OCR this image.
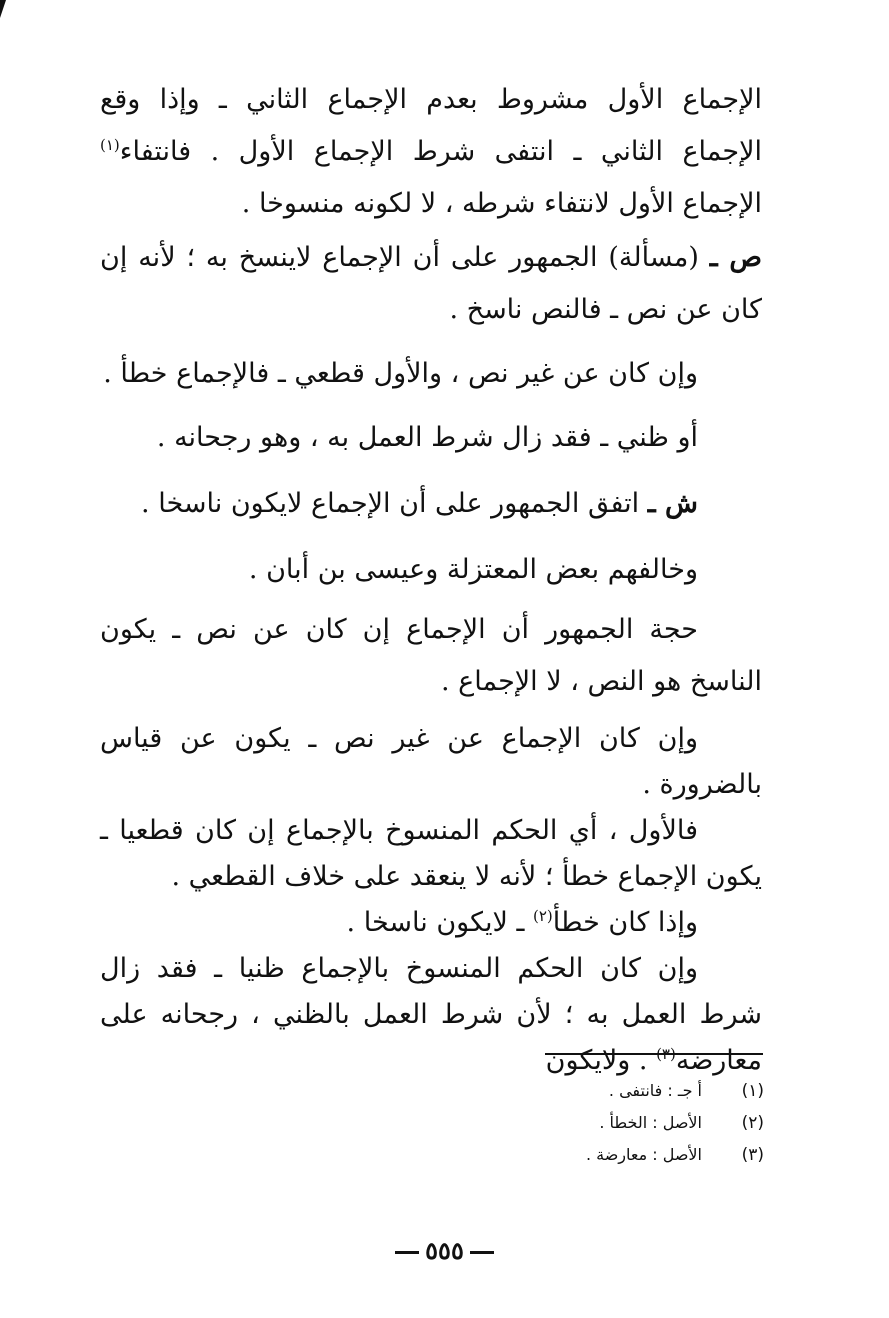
الإجماع الأول مشروط بعدم الإجماع الثاني ـ وإذا وقع الإجماع الثاني ـ انتفى شرط الإجماع الأول . فانتفاء$^{(١)}$ الإجماع الأول لانتفاء شرطه ، لا لكونه منسوخا .

ص ـ (مسألة) الجمهور على أن الإجماع لاينسخ به ؛ لأنه إن كان عن نص ـ فالنص ناسخ .

وإن كان عن غير نص ، والأول قطعي ـ فالإجماع خطأ .

أو ظني ـ فقد زال شرط العمل به ، وهو رجحانه .

ش ـ اتفق الجمهور على أن الإجماع لايكون ناسخا .

وخالفهم بعض المعتزلة وعيسى بن أبان .

حجة الجمهور أن الإجماع إن كان عن نص ـ يكون الناسخ هو النص ، لا الإجماع .

وإن كان الإجماع عن غير نص ـ يكون عن قياس بالضرورة .

فالأول ، أي الحكم المنسوخ بالإجماع إن كان قطعيا ـ يكون الإجماع خطأ ؛ لأنه لا ينعقد على خلاف القطعي .

وإذا كان خطأ$^{(٢)}$ ـ لايكون ناسخا .

وإن كان الحكم المنسوخ بالإجماع ظنيا ـ فقد زال شرط العمل به ؛ لأن شرط العمل بالظني ، رجحانه على معارضه$^{(٣)}$ . ولايكون

(١)
أ جـ : فانتفى .
(٢)
الأصل : الخطأ .
(٣)
الأصل : معارضة .
٥٥٥
